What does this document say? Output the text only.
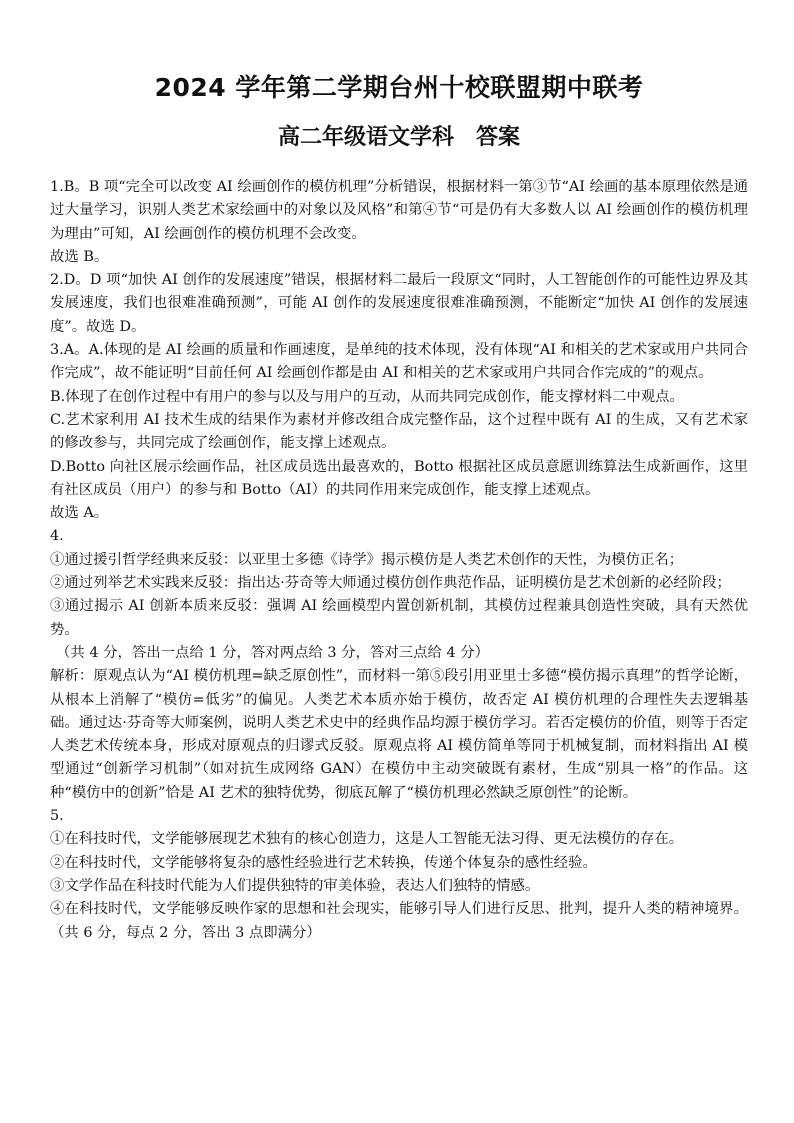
2024 学年第二学期台州十校联盟期中联考
高二年级语文学科　答案

1.B。B 项“完全可以改变 AI 绘画创作的模仿机理”分析错误，根据材料一第③节“AI 绘画的基本原理依然是通过大量学习，识别人类艺术家绘画中的对象以及风格”和第④节“可是仍有大多数人以 AI 绘画创作的模仿机理为理由”可知，AI 绘画创作的模仿机理不会改变。

故选 B。

2.D。D 项“加快 AI 创作的发展速度”错误，根据材料二最后一段原文“同时，人工智能创作的可能性边界及其发展速度，我们也很难准确预测”，可能 AI 创作的发展速度很难准确预测，不能断定“加快 AI 创作的发展速度”。故选 D。

3.A。A.体现的是 AI 绘画的质量和作画速度，是单纯的技术体现，没有体现“AI 和相关的艺术家或用户共同合作完成”，故不能证明“目前任何 AI 绘画创作都是由 AI 和相关的艺术家或用户共同合作完成的”的观点。

B.体现了在创作过程中有用户的参与以及与用户的互动，从而共同完成创作，能支撑材料二中观点。

C.艺术家利用 AI 技术生成的结果作为素材并修改组合成完整作品，这个过程中既有 AI 的生成，又有艺术家的修改参与，共同完成了绘画创作，能支撑上述观点。

D.Botto 向社区展示绘画作品，社区成员选出最喜欢的，Botto 根据社区成员意愿训练算法生成新画作，这里有社区成员（用户）的参与和 Botto（AI）的共同作用来完成创作，能支撑上述观点。

故选 A。

4.

①通过援引哲学经典来反驳：以亚里士多德《诗学》揭示模仿是人类艺术创作的天性，为模仿正名；

②通过列举艺术实践来反驳：指出达·芬奇等大师通过模仿创作典范作品，证明模仿是艺术创新的必经阶段；

③通过揭示 AI 创新本质来反驳：强调 AI 绘画模型内置创新机制，其模仿过程兼具创造性突破，具有天然优势。

（共 4 分，答出一点给 1 分，答对两点给 3 分，答对三点给 4 分）

解析：原观点认为“AI 模仿机理=缺乏原创性”，而材料一第⑤段引用亚里士多德“模仿揭示真理”的哲学论断，从根本上消解了“模仿=低劣”的偏见。人类艺术本质亦始于模仿，故否定 AI 模仿机理的合理性失去逻辑基础。通过达·芬奇等大师案例，说明人类艺术史中的经典作品均源于模仿学习。若否定模仿的价值，则等于否定人类艺术传统本身，形成对原观点的归谬式反驳。原观点将 AI 模仿简单等同于机械复制，而材料指出 AI 模型通过“创新学习机制”（如对抗生成网络 GAN）在模仿中主动突破既有素材，生成“别具一格”的作品。这种“模仿中的创新”恰是 AI 艺术的独特优势，彻底瓦解了“模仿机理必然缺乏原创性”的论断。

5.

①在科技时代，文学能够展现艺术独有的核心创造力，这是人工智能无法习得、更无法模仿的存在。

②在科技时代，文学能够将复杂的感性经验进行艺术转换，传递个体复杂的感性经验。

③文学作品在科技时代能为人们提供独特的审美体验，表达人们独特的情感。

④在科技时代，文学能够反映作家的思想和社会现实，能够引导人们进行反思、批判，提升人类的精神境界。（共 6 分，每点 2 分，答出 3 点即满分）
